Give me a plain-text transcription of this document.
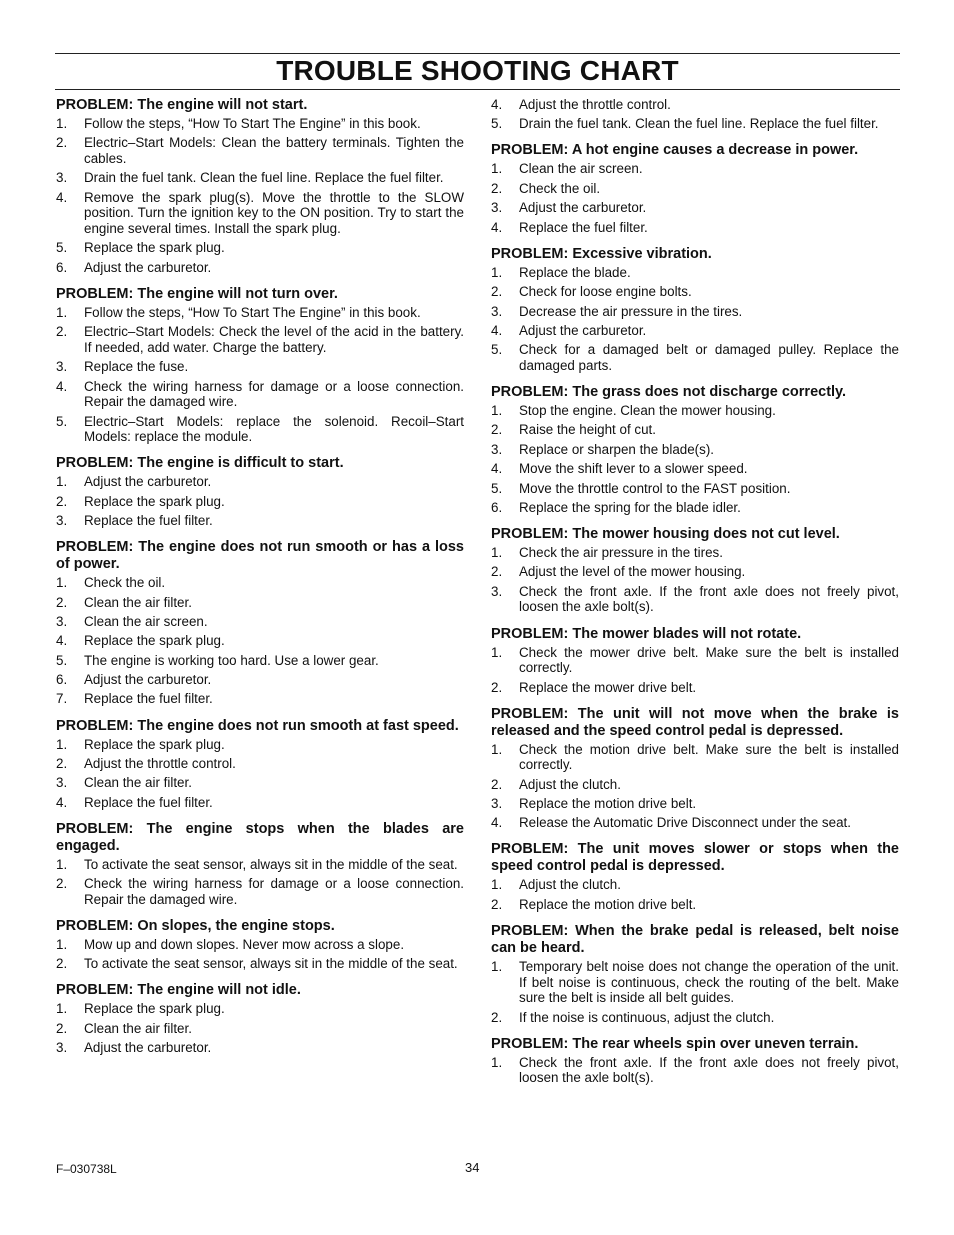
TROUBLE SHOOTING CHART
PROBLEM: The engine will not start.
1. Follow the steps, “How To Start The Engine” in this book.
2. Electric–Start Models: Clean the battery terminals. Tighten the cables.
3. Drain the fuel tank. Clean the fuel line. Replace the fuel filter.
4. Remove the spark plug(s). Move the throttle to the SLOW position. Turn the ignition key to the ON position. Try to start the engine several times. Install the spark plug.
5. Replace the spark plug.
6. Adjust the carburetor.
PROBLEM: The engine will not turn over.
1. Follow the steps, “How To Start The Engine” in this book.
2. Electric–Start Models: Check the level of the acid in the battery. If needed, add water. Charge the battery.
3. Replace the fuse.
4. Check the wiring harness for damage or a loose connection. Repair the damaged wire.
5. Electric–Start Models: replace the solenoid. Recoil–Start Models: replace the module.
PROBLEM: The engine is difficult to start.
1. Adjust the carburetor.
2. Replace the spark plug.
3. Replace the fuel filter.
PROBLEM: The engine does not run smooth or has a loss of power.
1. Check the oil.
2. Clean the air filter.
3. Clean the air screen.
4. Replace the spark plug.
5. The engine is working too hard. Use a lower gear.
6. Adjust the carburetor.
7. Replace the fuel filter.
PROBLEM: The engine does not run smooth at fast speed.
1. Replace the spark plug.
2. Adjust the throttle control.
3. Clean the air filter.
4. Replace the fuel filter.
PROBLEM: The engine stops when the blades are engaged.
1. To activate the seat sensor, always sit in the middle of the seat.
2. Check the wiring harness for damage or a loose connection. Repair the damaged wire.
PROBLEM: On slopes, the engine stops.
1. Mow up and down slopes. Never mow across a slope.
2. To activate the seat sensor, always sit in the middle of the seat.
PROBLEM: The engine will not idle.
1. Replace the spark plug.
2. Clean the air filter.
3. Adjust the carburetor.
4. Adjust the throttle control.
5. Drain the fuel tank. Clean the fuel line. Replace the fuel filter.
PROBLEM: A hot engine causes a decrease in power.
1. Clean the air screen.
2. Check the oil.
3. Adjust the carburetor.
4. Replace the fuel filter.
PROBLEM: Excessive vibration.
1. Replace the blade.
2. Check for loose engine bolts.
3. Decrease the air pressure in the tires.
4. Adjust the carburetor.
5. Check for a damaged belt or damaged pulley. Replace the damaged parts.
PROBLEM: The grass does not discharge correctly.
1. Stop the engine. Clean the mower housing.
2. Raise the height of cut.
3. Replace or sharpen the blade(s).
4. Move the shift lever to a slower speed.
5. Move the throttle control to the FAST position.
6. Replace the spring for the blade idler.
PROBLEM: The mower housing does not cut level.
1. Check the air pressure in the tires.
2. Adjust the level of the mower housing.
3. Check the front axle. If the front axle does not freely pivot, loosen the axle bolt(s).
PROBLEM: The mower blades will not rotate.
1. Check the mower drive belt. Make sure the belt is installed correctly.
2. Replace the mower drive belt.
PROBLEM: The unit will not move when the brake is released and the speed control pedal is depressed.
1. Check the motion drive belt. Make sure the belt is installed correctly.
2. Adjust the clutch.
3. Replace the motion drive belt.
4. Release the Automatic Drive Disconnect under the seat.
PROBLEM: The unit moves slower or stops when the speed control pedal is depressed.
1. Adjust the clutch.
2. Replace the motion drive belt.
PROBLEM: When the brake pedal is released, belt noise can be heard.
1. Temporary belt noise does not change the operation of the unit. If belt noise is continuous, check the routing of the belt. Make sure the belt is inside all belt guides.
2. If the noise is continuous, adjust the clutch.
PROBLEM: The rear wheels spin over uneven terrain.
1. Check the front axle. If the front axle does not freely pivot, loosen the axle bolt(s).
F–030738L	34
